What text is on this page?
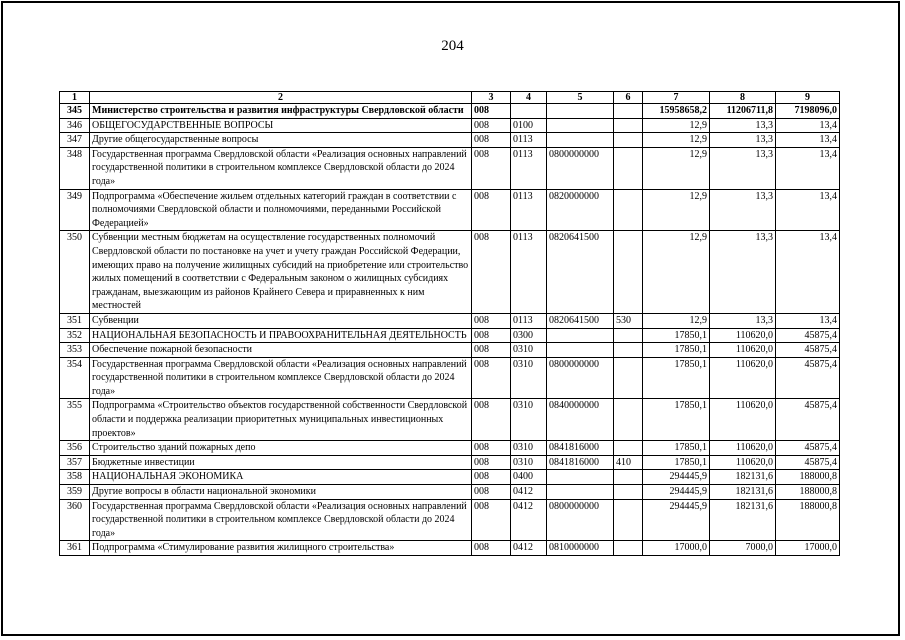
204
1	2	3	4	5	6	7	8	9
345	Министерство строительства и развития инфраструктуры Свердловской области	008				15958658,2	11206711,8	7198096,0
346	ОБЩЕГОСУДАРСТВЕННЫЕ ВОПРОСЫ	008	0100			12,9	13,3	13,4
347	Другие общегосударственные вопросы	008	0113			12,9	13,3	13,4
348	Государственная программа Свердловской области «Реализация основных направлений государственной политики в строительном комплексе Свердловской области до 2024 года»	008	0113	0800000000		12,9	13,3	13,4
349	Подпрограмма «Обеспечение жильем отдельных категорий граждан в соответствии с полномочиями Свердловской области и полномочиями, переданными Российской Федерацией»	008	0113	0820000000		12,9	13,3	13,4
350	Субвенции местным бюджетам на осуществление государственных полномочий Свердловской области по постановке на учет и учету граждан Российской Федерации, имеющих право на получение жилищных субсидий на приобретение или строительство жилых помещений в соответствии с Федеральным законом о жилищных субсидиях гражданам, выезжающим из районов Крайнего Севера и приравненных к ним местностей	008	0113	0820641500		12,9	13,3	13,4
351	Субвенции	008	0113	0820641500	530	12,9	13,3	13,4
352	НАЦИОНАЛЬНАЯ БЕЗОПАСНОСТЬ И ПРАВООХРАНИТЕЛЬНАЯ ДЕЯТЕЛЬНОСТЬ	008	0300			17850,1	110620,0	45875,4
353	Обеспечение пожарной безопасности	008	0310			17850,1	110620,0	45875,4
354	Государственная программа Свердловской области «Реализация основных направлений государственной политики в строительном комплексе Свердловской области до 2024 года»	008	0310	0800000000		17850,1	110620,0	45875,4
355	Подпрограмма «Строительство объектов государственной собственности Свердловской области и поддержка реализации приоритетных муниципальных инвестиционных проектов»	008	0310	0840000000		17850,1	110620,0	45875,4
356	Строительство зданий пожарных депо	008	0310	0841816000		17850,1	110620,0	45875,4
357	Бюджетные инвестиции	008	0310	0841816000	410	17850,1	110620,0	45875,4
358	НАЦИОНАЛЬНАЯ ЭКОНОМИКА	008	0400			294445,9	182131,6	188000,8
359	Другие вопросы в области национальной экономики	008	0412			294445,9	182131,6	188000,8
360	Государственная программа Свердловской области «Реализация основных направлений государственной политики в строительном комплексе Свердловской области до 2024 года»	008	0412	0800000000		294445,9	182131,6	188000,8
361	Подпрограмма «Стимулирование развития жилищного строительства»	008	0412	0810000000		17000,0	7000,0	17000,0
